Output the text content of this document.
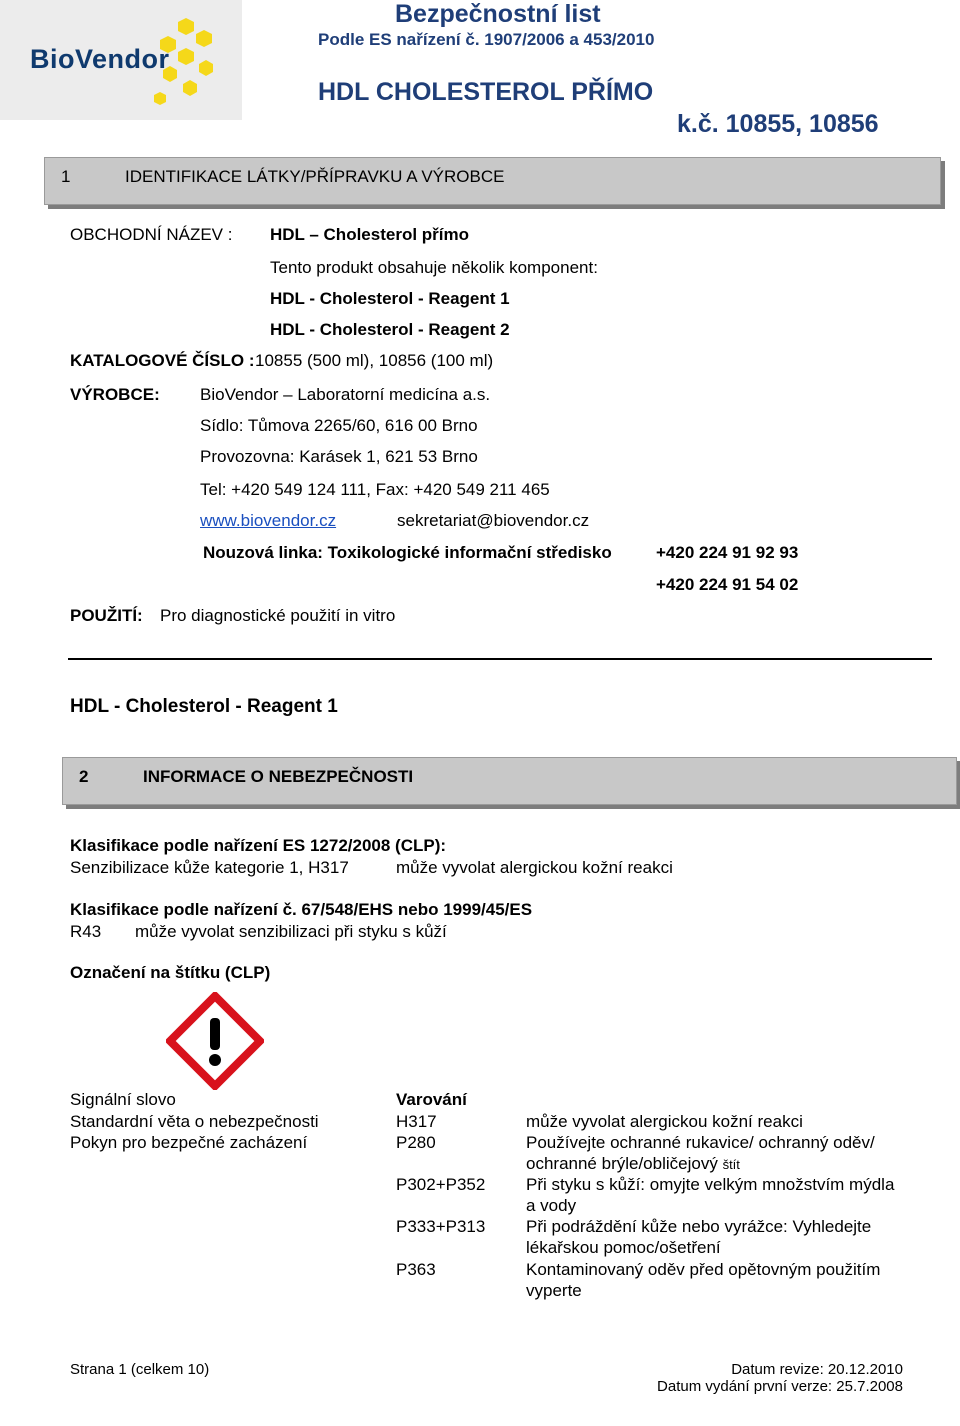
BioVendor
Bezpečnostní list
Podle ES nařízení č. 1907/2006 a 453/2010
HDL CHOLESTEROL PŘÍMO
k.č. 10855, 10856
1	IDENTIFIKACE LÁTKY/PŘÍPRAVKU A VÝROBCE
OBCHODNÍ NÁZEV : HDL – Cholesterol přímo
Tento produkt obsahuje několik komponent:
HDL - Cholesterol - Reagent 1
HDL - Cholesterol - Reagent 2
KATALOGOVÉ ČÍSLO : 10855 (500 ml), 10856 (100 ml)
VÝROBCE: BioVendor – Laboratorní medicína a.s.
Sídlo: Tůmova 2265/60, 616 00 Brno
Provozovna: Karásek 1, 621 53 Brno
Tel: +420 549 124 111, Fax: +420 549 211 465
www.biovendor.cz	sekretariat@biovendor.cz
Nouzová linka: Toxikologické informační středisko	+420 224 91 92 93
+420 224 91 54 02
POUŽITÍ: Pro diagnostické použití in vitro
HDL - Cholesterol - Reagent 1
2	INFORMACE O NEBEZPEČNOSTI
Klasifikace podle nařízení ES 1272/2008 (CLP):
Senzibilizace kůže kategorie 1, H317	může vyvolat alergickou kožní reakci
Klasifikace podle nařízení č. 67/548/EHS nebo 1999/45/ES
R43 může vyvolat senzibilizaci při styku s kůží
Označení na štítku (CLP)
Signální slovo	Varování
Standardní věta o nebezpečnosti	H317	může vyvolat alergickou kožní reakci
Pokyn pro bezpečné zacházení	P280	Používejte ochranné rukavice/ ochranný oděv/
ochranné brýle/obličejový štít
P302+P352 Při styku s kůží: omyjte velkým množstvím mýdla
a vody
P333+P313 Při podráždění kůže nebo vyrážce: Vyhledejte
lékařskou pomoc/ošetření
P363	Kontaminovaný oděv před opětovným použitím
vyperte
Strana 1 (celkem 10)	Datum revize: 20.12.2010
Datum vydání první verze: 25.7.2008
